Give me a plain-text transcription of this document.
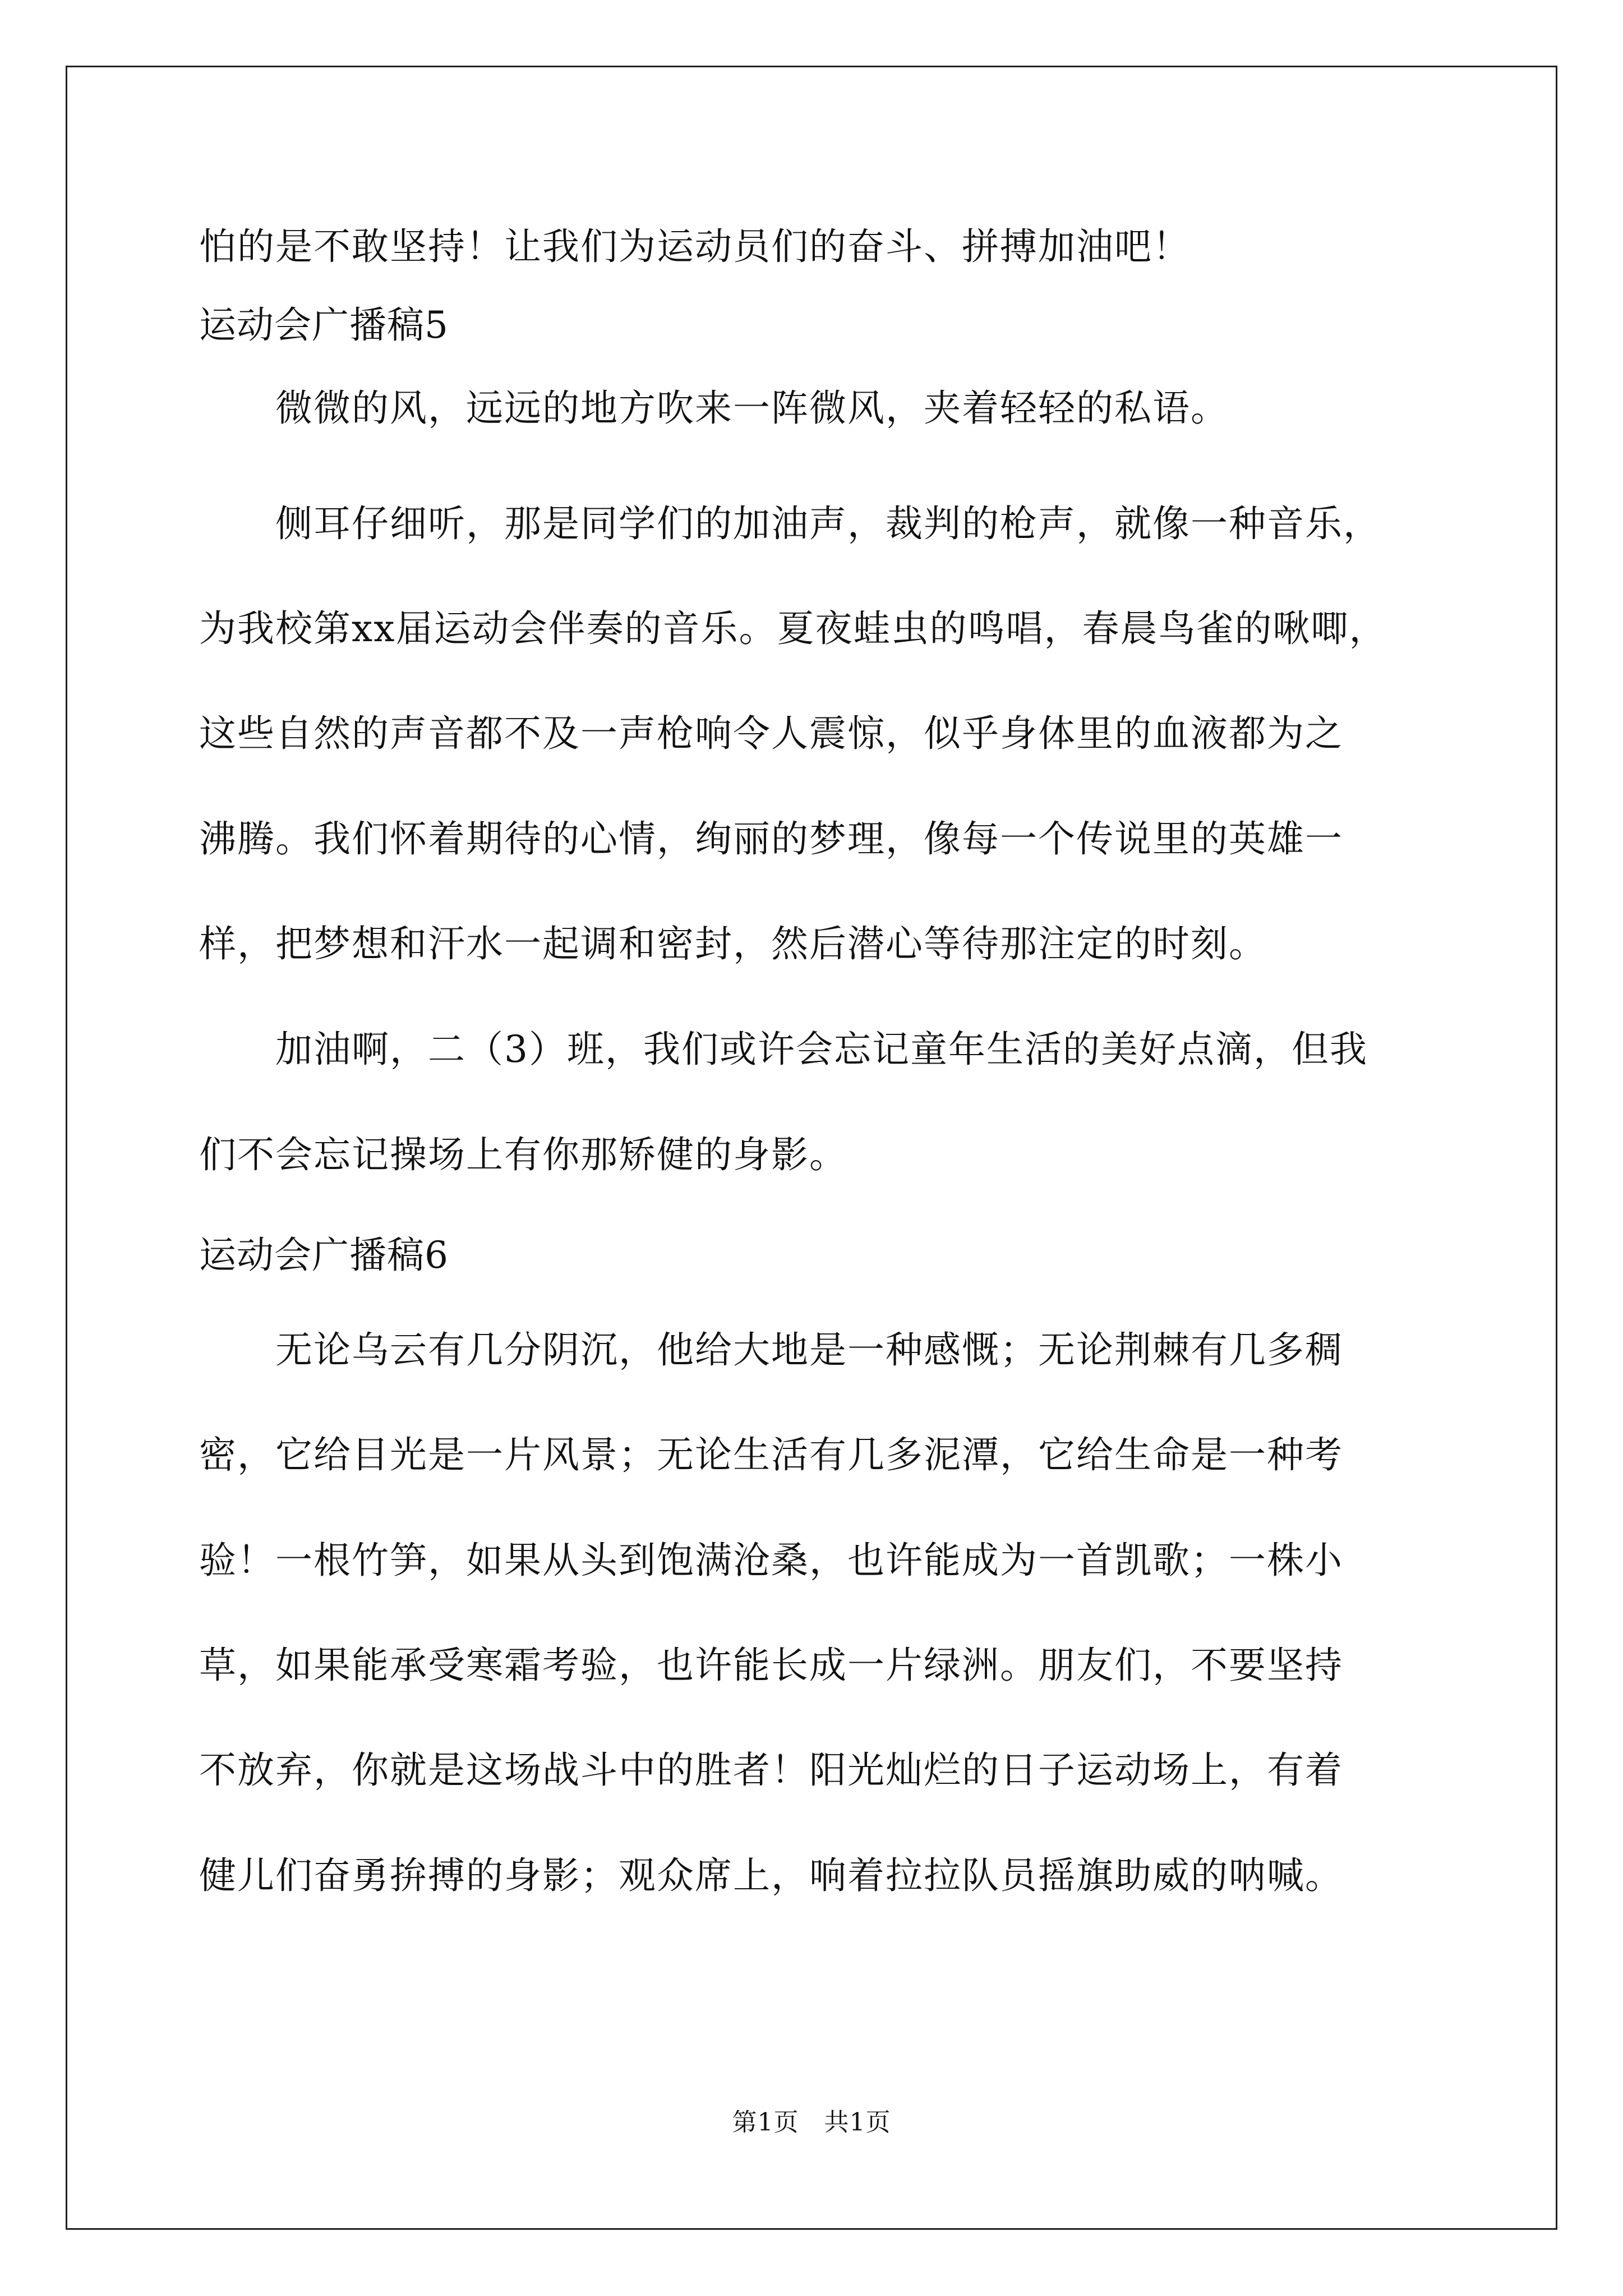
怕的是不敢坚持！让我们为运动员们的奋斗、拼搏加油吧！
运动会广播稿5
　　微微的风，远远的地方吹来一阵微风，夹着轻轻的私语。
　　侧耳仔细听，那是同学们的加油声，裁判的枪声，就像一种音乐，
为我校第xx届运动会伴奏的音乐。夏夜蛙虫的鸣唱，春晨鸟雀的啾唧，
这些自然的声音都不及一声枪响令人震惊，似乎身体里的血液都为之
沸腾。我们怀着期待的心情，绚丽的梦理，像每一个传说里的英雄一
样，把梦想和汗水一起调和密封，然后潜心等待那注定的时刻。
　　加油啊，二（3）班，我们或许会忘记童年生活的美好点滴，但我
们不会忘记操场上有你那矫健的身影。
运动会广播稿6
　　无论乌云有几分阴沉，他给大地是一种感慨；无论荆棘有几多稠
密，它给目光是一片风景；无论生活有几多泥潭，它给生命是一种考
验！一根竹笋，如果从头到饱满沧桑，也许能成为一首凯歌；一株小
草，如果能承受寒霜考验，也许能长成一片绿洲。朋友们，不要坚持
不放弃，你就是这场战斗中的胜者！阳光灿烂的日子运动场上，有着
健儿们奋勇拚搏的身影；观众席上，响着拉拉队员摇旗助威的呐喊。
第1页　共1页
